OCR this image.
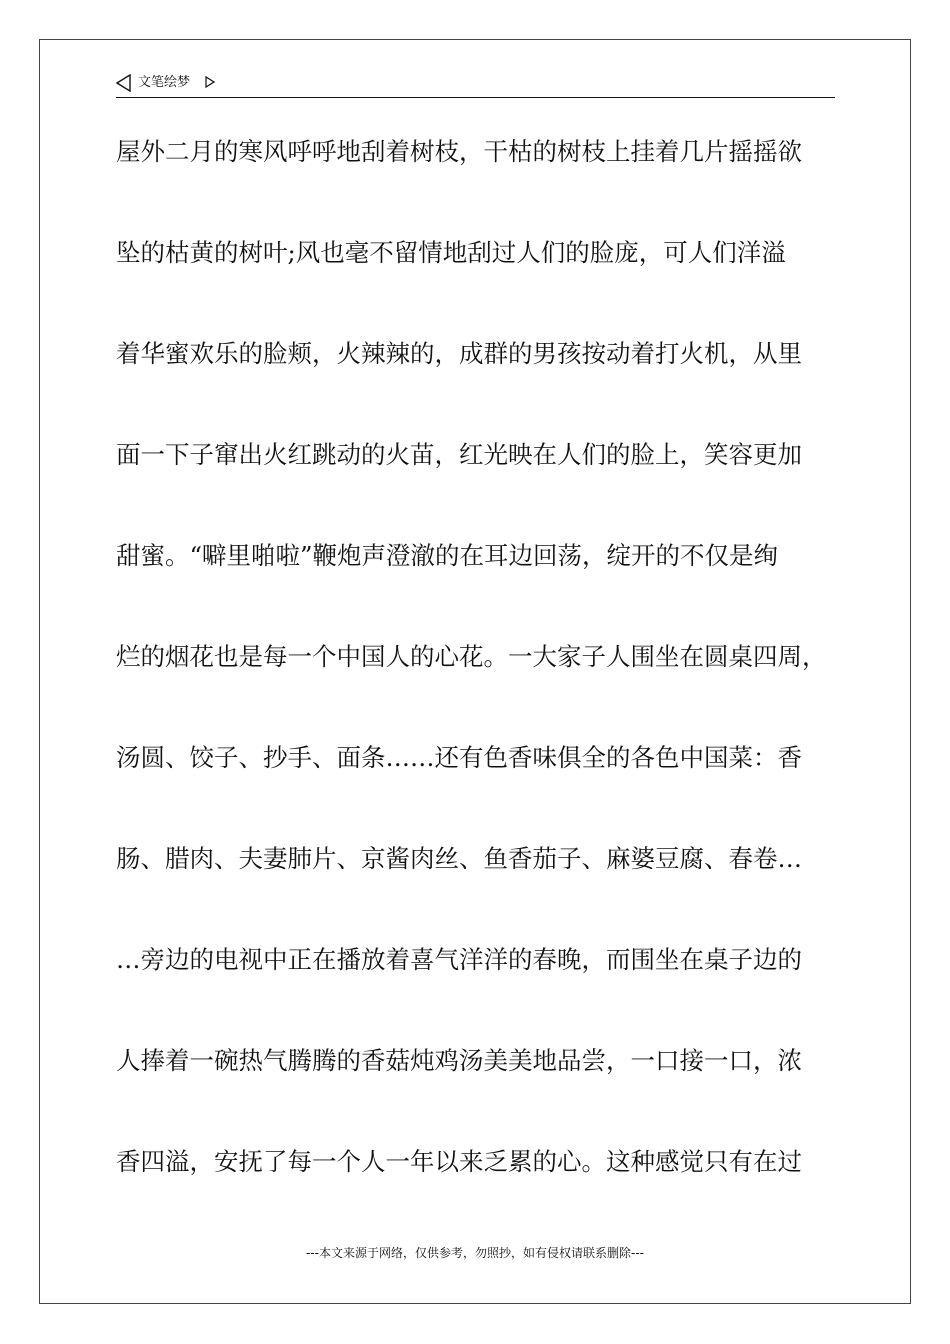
文笔绘梦
屋外二月的寒风呼呼地刮着树枝，干枯的树枝上挂着几片摇摇欲
坠的枯黄的树叶;风也毫不留情地刮过人们的脸庞，可人们洋溢
着华蜜欢乐的脸颊，火辣辣的，成群的男孩按动着打火机，从里
面一下子窜出火红跳动的火苗，红光映在人们的脸上，笑容更加
甜蜜。“噼里啪啦”鞭炮声澄澈的在耳边回荡，绽开的不仅是绚
烂的烟花也是每一个中国人的心花。一大家子人围坐在圆桌四周，
汤圆、饺子、抄手、面条……还有色香味俱全的各色中国菜：香
肠、腊肉、夫妻肺片、京酱肉丝、鱼香茄子、麻婆豆腐、春卷…
…旁边的电视中正在播放着喜气洋洋的春晚，而围坐在桌子边的
人捧着一碗热气腾腾的香菇炖鸡汤美美地品尝，一口接一口，浓
香四溢，安抚了每一个人一年以来乏累的心。这种感觉只有在过
---本文来源于网络，仅供参考，勿照抄，如有侵权请联系删除---
